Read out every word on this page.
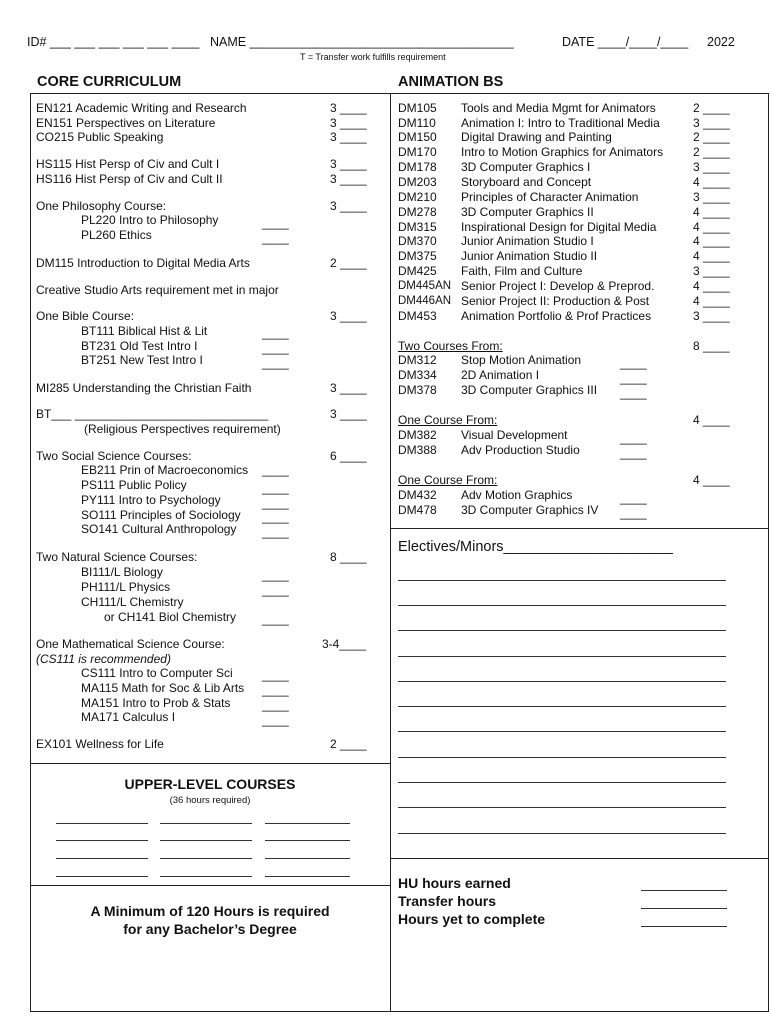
ID# ___ ___ ___ ___ ___ ____ NAME ______________________________________	DATE ____/____/____ 2022
T = Transfer work fulfills requirement
CORE CURRICULUM	ANIMATION BS
EN121 Academic Writing and Research	3 ____
EN151 Perspectives on Literature	3 ____
CO215 Public Speaking	3 ____
HS115 Hist Persp of Civ and Cult I	3 ____
HS116 Hist Persp of Civ and Cult II	3 ____
One Philosophy Course:	3 ____
PL220 Intro to Philosophy	____
PL260 Ethics	____
DM115 Introduction to Digital Media Arts	2 ____
Creative Studio Arts requirement met in major
One Bible Course:	3 ____
BT111 Biblical Hist & Lit	____
BT231 Old Test Intro I	____
BT251 New Test Intro I	____
MI285 Understanding the Christian Faith	3 ____
BT___ _____________________________	3 ____
(Religious Perspectives requirement)
Two Social Science Courses:	6 ____
EB211 Prin of Macroeconomics ____
PS111 Public Policy	____
PY111 Intro to Psychology	____
SO111 Principles of Sociology ____
SO141 Cultural Anthropology ____
Two Natural Science Courses:	8 ____
BI111/L Biology	____
PH111/L Physics	____
CH111/L Chemistry
or CH141 Biol Chemistry ____
One Mathematical Science Course:	3-4____
(CS111 is recommended)
CS111 Intro to Computer Sci ____
MA115 Math for Soc & Lib Arts ____
MA151 Intro to Prob & Stats	____
MA171 Calculus I	____
EX101 Wellness for Life	2 ____
UPPER-LEVEL COURSES
(36 hours required)
A Minimum of 120 Hours is required
for any Bachelor’s Degree
DM105 Tools and Media Mgmt for Animators	2 ____
DM110 Animation I: Intro to Traditional Media	3 ____
DM150 Digital Drawing and Painting	2 ____
DM170 Intro to Motion Graphics for Animators 2 ____
DM178 3D Computer Graphics I	3 ____
DM203 Storyboard and Concept	4 ____
DM210 Principles of Character Animation	3 ____
DM278 3D Computer Graphics II	4 ____
DM315 Inspirational Design for Digital Media	4 ____
DM370 Junior Animation Studio I	4 ____
DM375 Junior Animation Studio II	4 ____
DM425 Faith, Film and Culture	3 ____
DM445AN Senior Project I: Develop & Preprod.	4 ____
DM446AN Senior Project II: Production & Post	4 ____
DM453 Animation Portfolio & Prof Practices	3 ____
Two Courses From:	8 ____
DM312 Stop Motion Animation	____
DM334 2D Animation I	____
DM378 3D Computer Graphics III ____
One Course From:	4 ____
DM382 Visual Development	____
DM388 Adv Production Studio	____
One Course From:	4 ____
DM432 Adv Motion Graphics	____
DM478 3D Computer Graphics IV ____
Electives/Minors_____________________
HU hours earned
Transfer hours
Hours yet to complete
